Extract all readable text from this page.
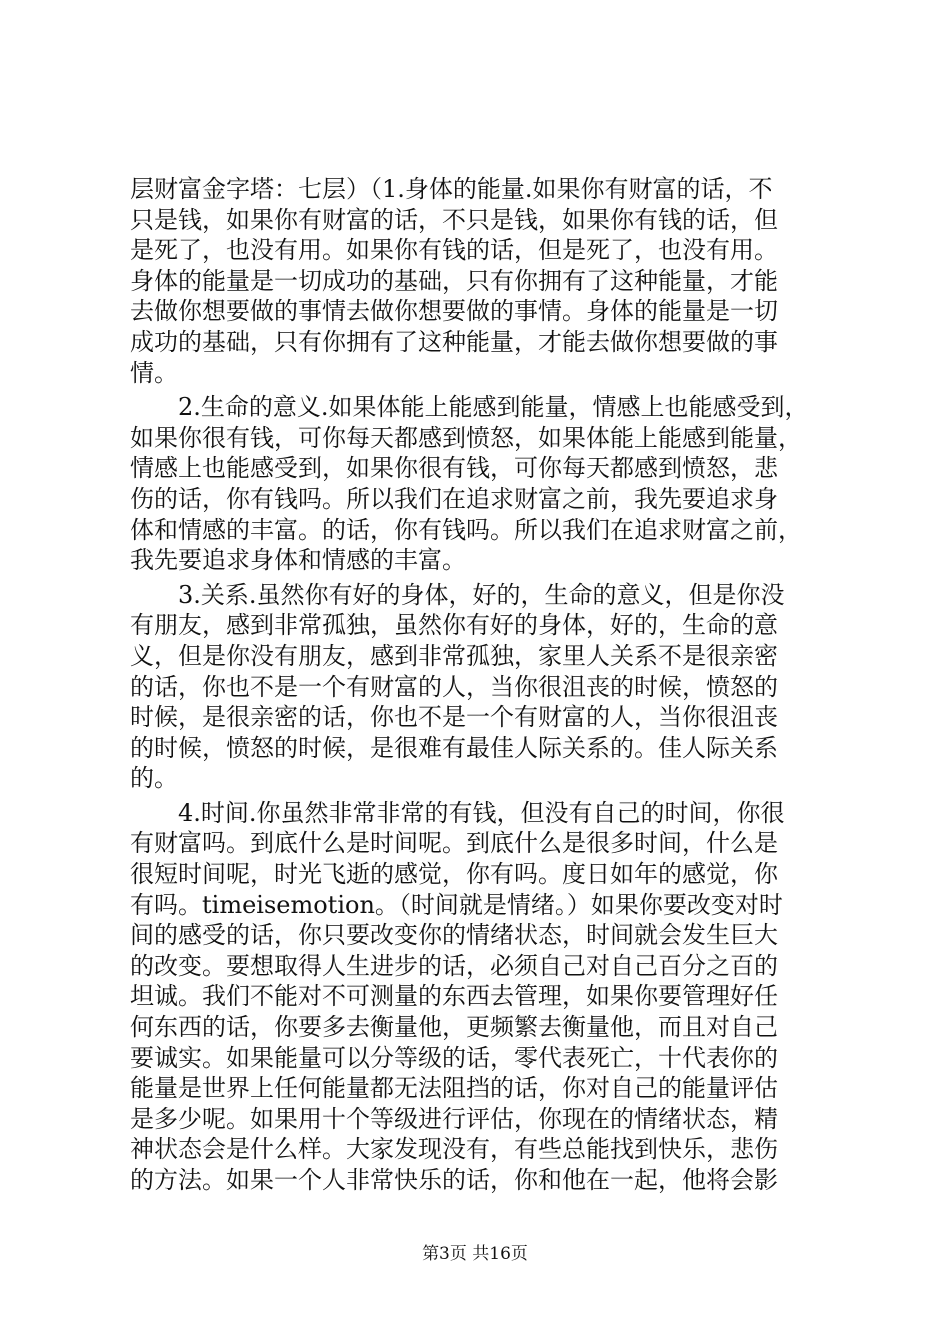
层财富金字塔：七层）（1.身体的能量.如果你有财富的话，不
只是钱，如果你有财富的话，不只是钱，如果你有钱的话，但
是死了，也没有用。如果你有钱的话，但是死了，也没有用。
身体的能量是一切成功的基础，只有你拥有了这种能量，才能
去做你想要做的事情去做你想要做的事情。身体的能量是一切
成功的基础，只有你拥有了这种能量，才能去做你想要做的事
情。
　　2.生命的意义.如果体能上能感到能量，情感上也能感受到，
如果你很有钱，可你每天都感到愤怒，如果体能上能感到能量，
情感上也能感受到，如果你很有钱，可你每天都感到愤怒，悲
伤的话，你有钱吗。所以我们在追求财富之前，我先要追求身
体和情感的丰富。的话，你有钱吗。所以我们在追求财富之前，
我先要追求身体和情感的丰富。
　　3.关系.虽然你有好的身体，好的，生命的意义，但是你没
有朋友，感到非常孤独，虽然你有好的身体，好的，生命的意
义，但是你没有朋友，感到非常孤独，家里人关系不是很亲密
的话，你也不是一个有财富的人，当你很沮丧的时候，愤怒的
时候，是很亲密的话，你也不是一个有财富的人，当你很沮丧
的时候，愤怒的时候，是很难有最佳人际关系的。佳人际关系
的。
　　4.时间.你虽然非常非常的有钱，但没有自己的时间，你很
有财富吗。到底什么是时间呢。到底什么是很多时间，什么是
很短时间呢，时光飞逝的感觉，你有吗。度日如年的感觉，你
有吗。timeisemotion。（时间就是情绪。）如果你要改变对时
间的感受的话，你只要改变你的情绪状态，时间就会发生巨大
的改变。要想取得人生进步的话，必须自己对自己百分之百的
坦诚。我们不能对不可测量的东西去管理，如果你要管理好任
何东西的话，你要多去衡量他，更频繁去衡量他，而且对自己
要诚实。如果能量可以分等级的话，零代表死亡，十代表你的
能量是世界上任何能量都无法阻挡的话，你对自己的能量评估
是多少呢。如果用十个等级进行评估，你现在的情绪状态，精
神状态会是什么样。大家发现没有，有些总能找到快乐，悲伤
的方法。如果一个人非常快乐的话，你和他在一起，他将会影
第3页 共16页
